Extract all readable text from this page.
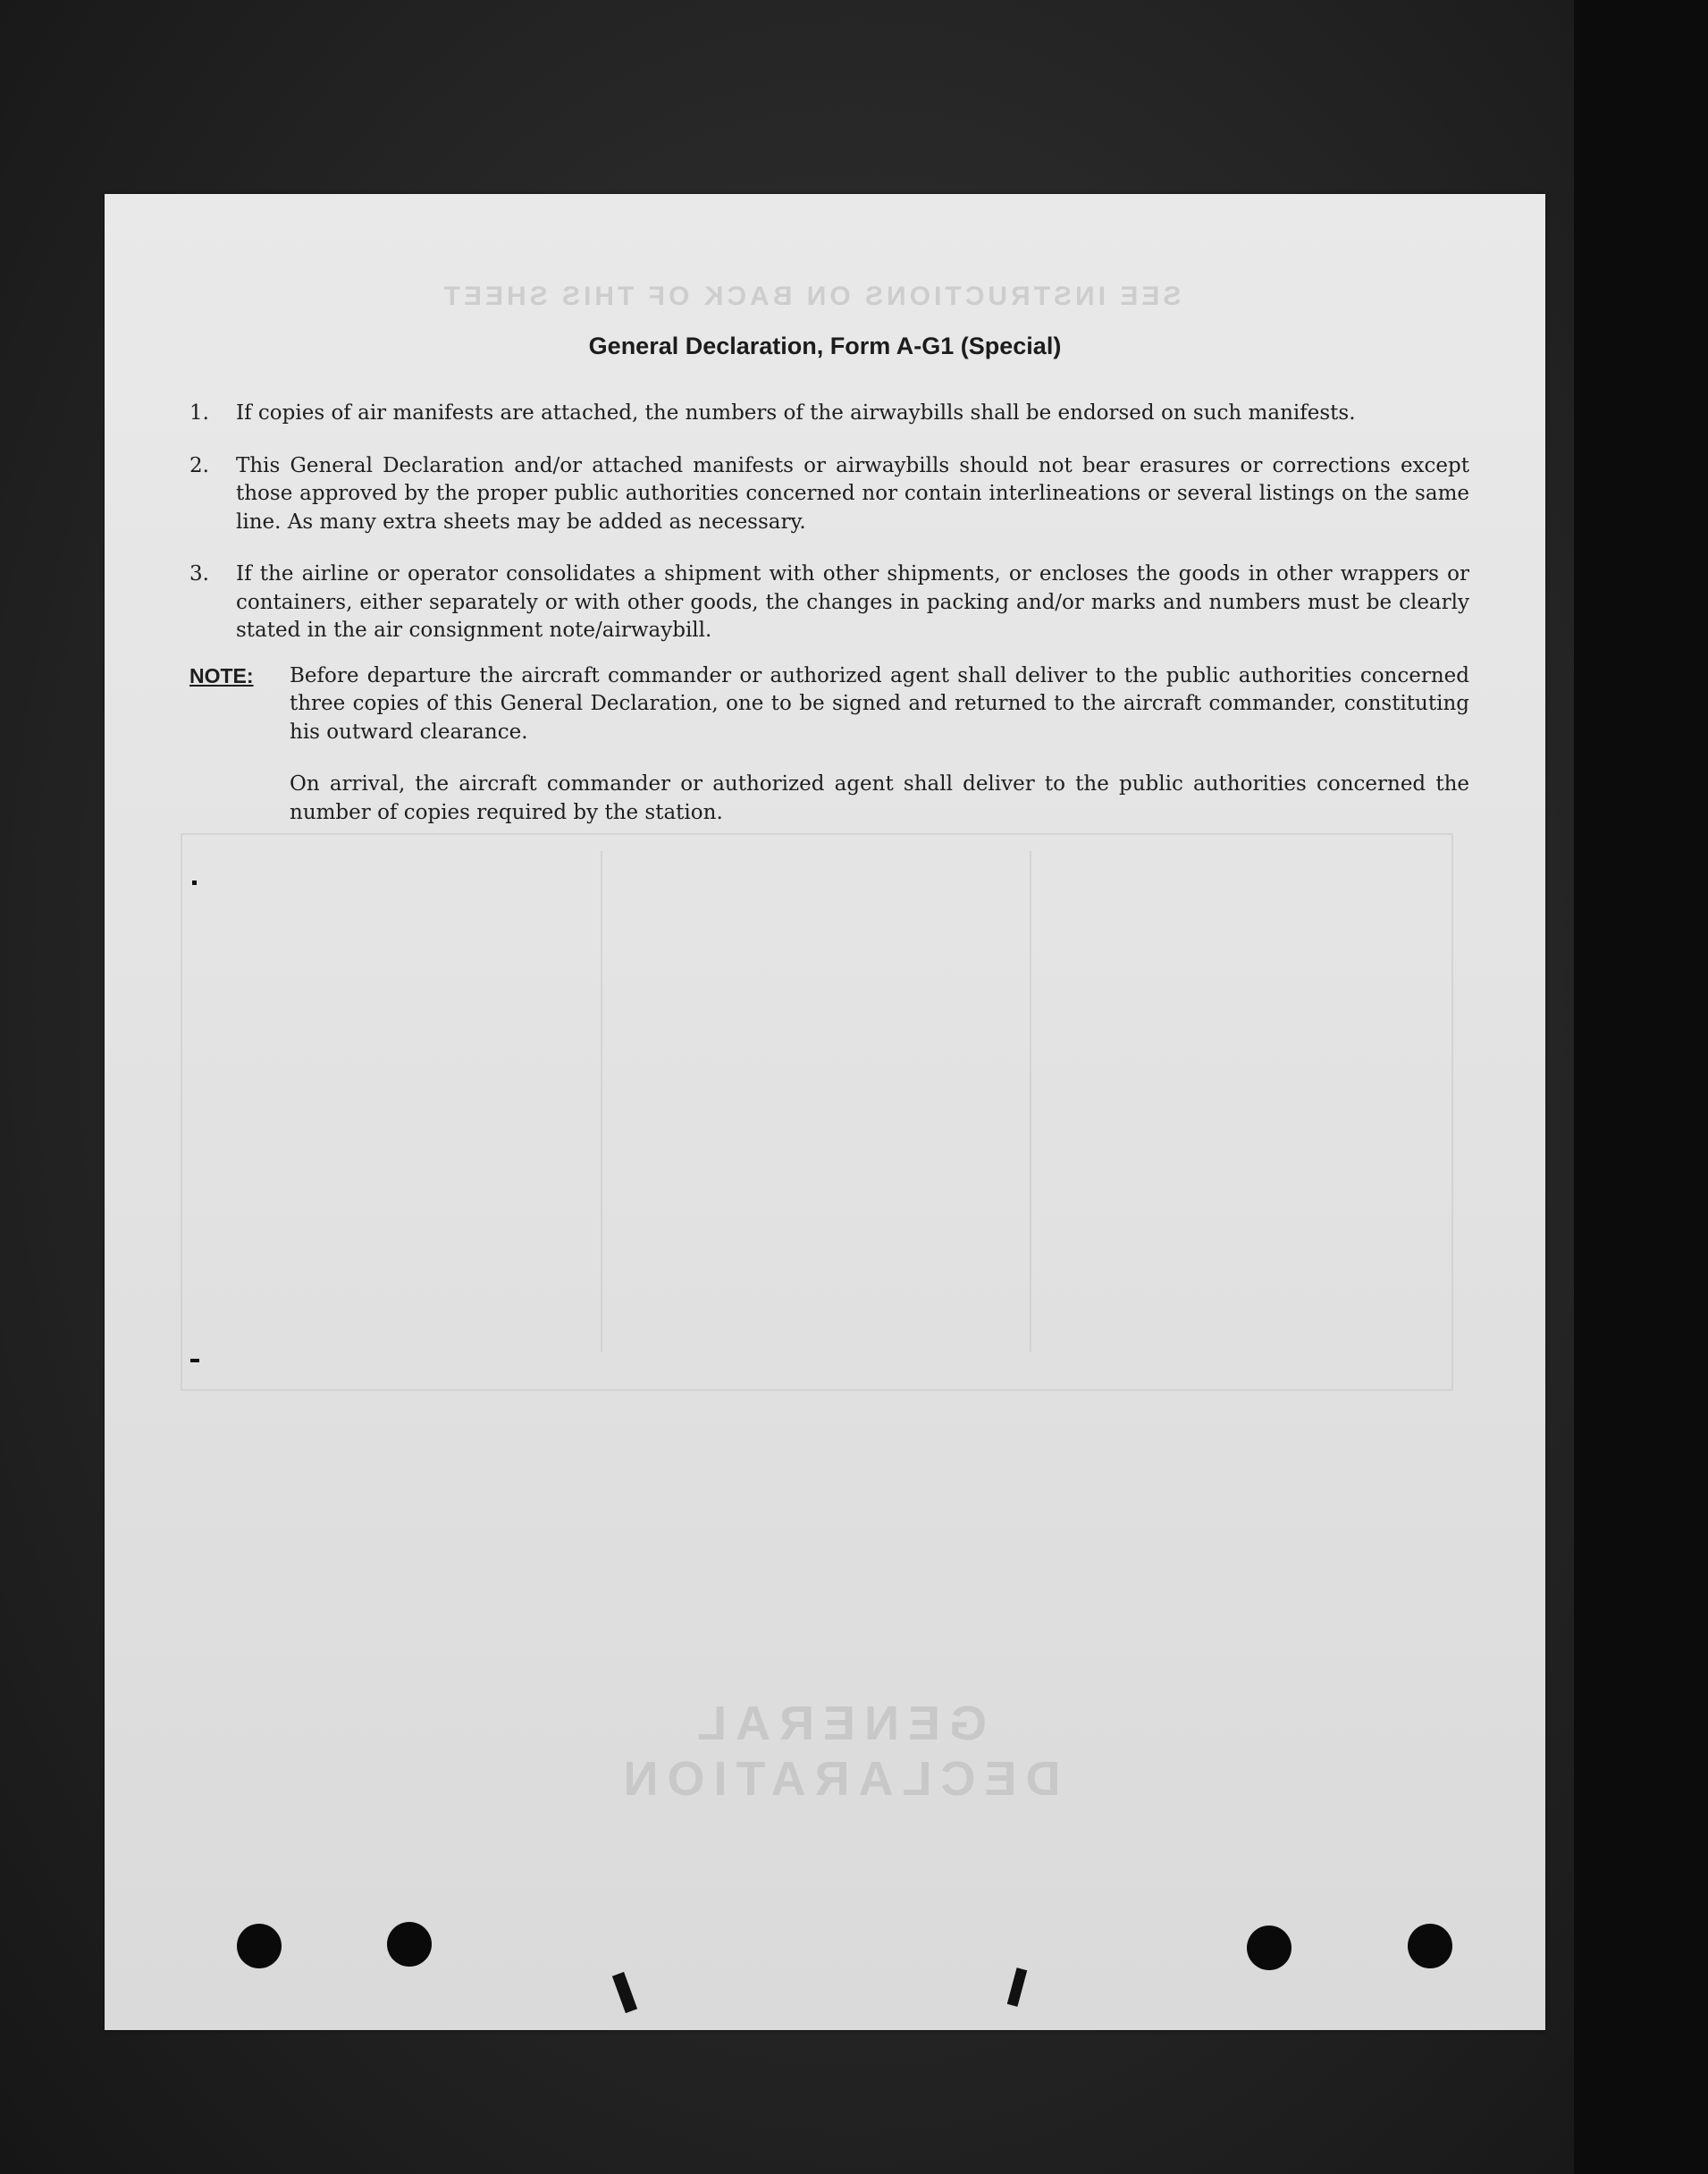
SEE INSTRUCTIONS ON BACK OF THIS SHEET
GENERAL DECLARATION
General Declaration, Form A-G1 (Special)
1.	If copies of air manifests are attached, the numbers of the airwaybills shall be endorsed on such manifests.
2.	This General Declaration and/or attached manifests or airwaybills should not bear erasures or corrections except those approved by the proper public authorities concerned nor contain interlineations or several listings on the same line. As many extra sheets may be added as necessary.
3.	If the airline or operator consolidates a shipment with other shipments, or encloses the goods in other wrappers or containers, either separately or with other goods, the changes in packing and/or marks and numbers must be clearly stated in the air consignment note/airwaybill.
NOTE:	Before departure the aircraft commander or authorized agent shall deliver to the public authorities concerned three copies of this General Declaration, one to be signed and returned to the aircraft commander, constituting his outward clearance.

On arrival, the aircraft commander or authorized agent shall deliver to the public authorities concerned the number of copies required by the station.
